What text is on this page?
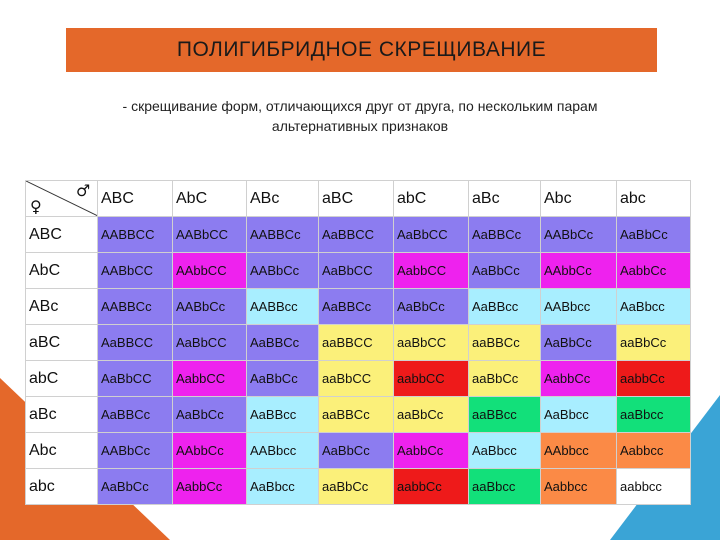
ПОЛИГИБРИДНОЕ СКРЕЩИВАНИЕ
- скрещивание форм, отличающихся друг от друга, по нескольким парам
альтернативных признаков
♀
♂	ABC	AbC	ABc	aBC	abC	aBc	Abc	abc
ABC	AABBCC	AABbCC	AABBCc	AaBBCC	AaBbCC	AaBBCc	AABbCc	AaBbCc
AbC	AABbCC	AAbbCC	AABbCc	AaBbCC	AabbCC	AaBbCc	AAbbCc	AabbCc
ABc	AABBCc	AABbCc	AABBcc	AaBBCc	AaBbCc	AaBBcc	AABbcc	AaBbcc
aBC	AaBBCC	AaBbCC	AaBBCc	aaBBCC	aaBbCC	aaBBCc	AaBbCc	aaBbCc
abC	AaBbCC	AabbCC	AaBbCc	aaBbCC	aabbCC	aaBbCc	AabbCc	aabbCc
aBc	AaBBCc	AaBbCc	AaBBcc	aaBBCc	aaBbCc	aaBBcc	AaBbcc	aaBbcc
Abc	AABbCc	AAbbCc	AABbcc	AaBbCc	AabbCc	AaBbcc	AAbbcc	Aabbcc
abc	AaBbCc	AabbCc	AaBbcc	aaBbCc	aabbCc	aaBbcc	Aabbcc	aabbcc
